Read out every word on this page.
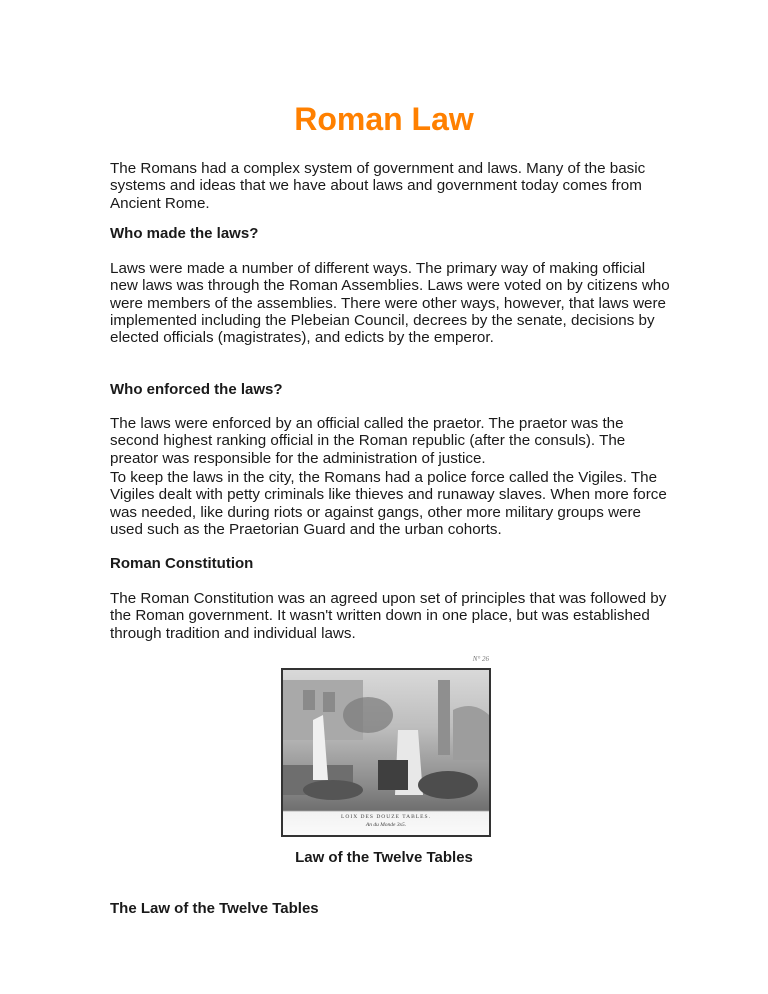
Roman Law

The Romans had a complex system of government and laws. Many of the basic systems and ideas that we have about laws and government today comes from Ancient Rome.

Who made the laws?

Laws were made a number of different ways. The primary way of making official new laws was through the Roman Assemblies. Laws were voted on by citizens who were members of the assemblies. There were other ways, however, that laws were implemented including the Plebeian Council, decrees by the senate, decisions by elected officials (magistrates), and edicts by the emperor.

Who enforced the laws?

The laws were enforced by an official called the praetor. The praetor was the second highest ranking official in the Roman republic (after the consuls). The preator was responsible for the administration of justice.

To keep the laws in the city, the Romans had a police force called the Vigiles. The Vigiles dealt with petty criminals like thieves and runaway slaves. When more force was needed, like during riots or against gangs, other more military groups were used such as the Praetorian Guard and the urban cohorts.

Roman Constitution

The Roman Constitution was an agreed upon set of principles that was followed by the Roman government. It wasn't written down in one place, but was established through tradition and individual laws.

N° 26
LOIX DES DOUZE TABLES.
An du Monde 3x5.

Law of the Twelve Tables

The Law of the Twelve Tables
